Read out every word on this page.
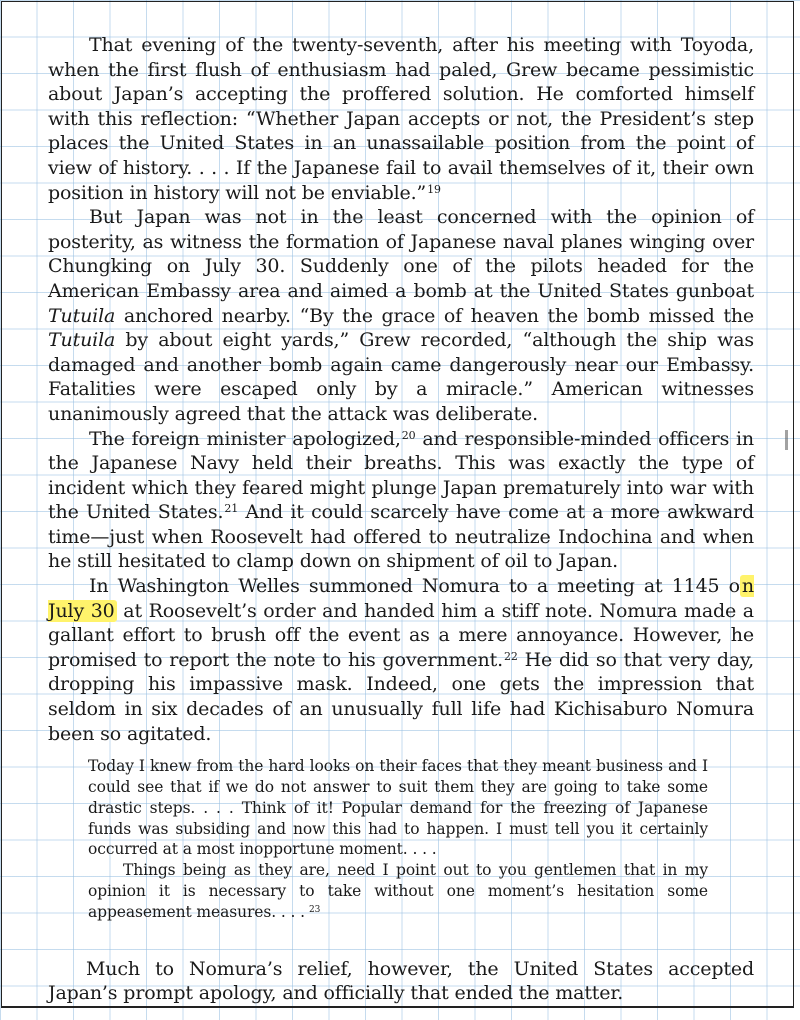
That evening of the twenty-seventh, after his meeting with Toyoda, when the first flush of enthusiasm had paled, Grew became pessimistic about Japan’s accepting the proffered solution. He comforted himself with this reflection: “Whether Japan accepts or not, the President’s step places the United States in an unassailable position from the point of view of history. . . . If the Japanese fail to avail themselves of it, their own position in history will not be enviable.”$^{19}$

But Japan was not in the least concerned with the opinion of posterity, as witness the formation of Japanese naval planes winging over Chungking on July 30. Suddenly one of the pilots headed for the American Embassy area and aimed a bomb at the United States gunboat Tutuila anchored nearby. “By the grace of heaven the bomb missed the Tutuila by about eight yards,” Grew recorded, “although the ship was damaged and another bomb again came dangerously near our Embassy. Fatalities were escaped only by a miracle.” American witnesses unanimously agreed that the attack was deliberate.

The foreign minister apologized,$^{20}$ and responsible-minded officers in the Japanese Navy held their breaths. This was exactly the type of incident which they feared might plunge Japan prematurely into war with the United States.$^{21}$ And it could scarcely have come at a more awkward time—just when Roosevelt had offered to neutralize Indochina and when he still hesitated to clamp down on shipment of oil to Japan.

In Washington Welles summoned Nomura to a meeting at 1145 o n July 30 at Roosevelt’s order and handed him a stiff note. Nomura made a gallant effort to brush off the event as a mere annoyance. However, he promised to report the note to his government.$^{22}$ He did so that very day, dropping his impassive mask. Indeed, one gets the impression that seldom in six decades of an unusually full life had Kichisaburo Nomura been so agitated.

Today I knew from the hard looks on their faces that they meant business and I could see that if we do not answer to suit them they are going to take some drastic steps. . . . Think of it! Popular demand for the freezing of Japanese funds was subsiding and now this had to happen. I must tell you it certainly occurred at a most inopportune moment. . . .

Things being as they are, need I point out to you gentlemen that in my opinion it is necessary to take without one moment’s hesitation some appeasement measures. . . . $^{23}$

Much to Nomura’s relief, however, the United States accepted Japan’s prompt apology, and officially that ended the matter.
